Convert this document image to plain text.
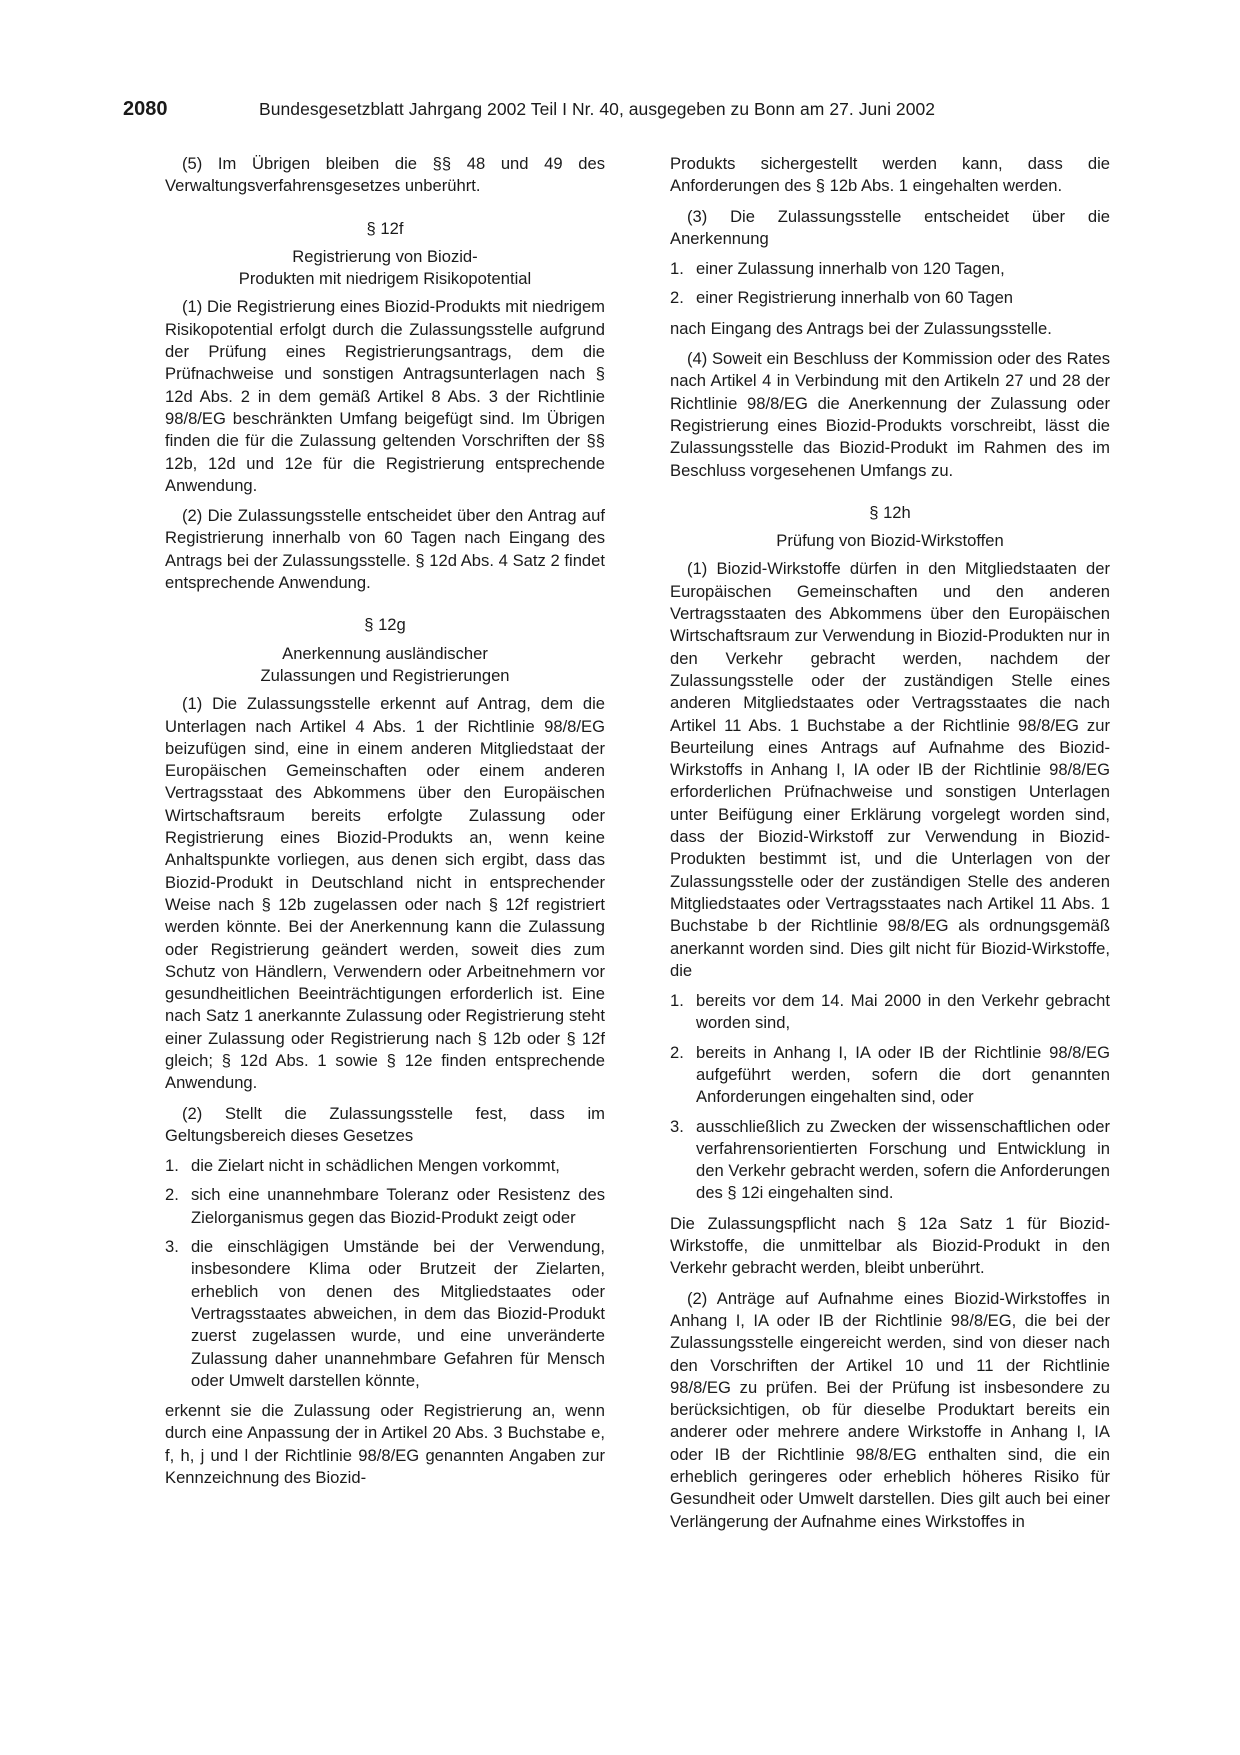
2080	Bundesgesetzblatt Jahrgang 2002 Teil I Nr. 40, ausgegeben zu Bonn am 27. Juni 2002

(5) Im Übrigen bleiben die §§ 48 und 49 des Verwaltungsverfahrensgesetzes unberührt.

§ 12f
Registrierung von Biozid-
Produkten mit niedrigem Risikopotential

(1) Die Registrierung eines Biozid-Produkts mit niedrigem Risikopotential erfolgt durch die Zulassungsstelle aufgrund der Prüfung eines Registrierungsantrags, dem die Prüfnachweise und sonstigen Antragsunterlagen nach § 12d Abs. 2 in dem gemäß Artikel 8 Abs. 3 der Richtlinie 98/8/EG beschränkten Umfang beigefügt sind. Im Übrigen finden die für die Zulassung geltenden Vorschriften der §§ 12b, 12d und 12e für die Registrierung entsprechende Anwendung.

(2) Die Zulassungsstelle entscheidet über den Antrag auf Registrierung innerhalb von 60 Tagen nach Eingang des Antrags bei der Zulassungsstelle. § 12d Abs. 4 Satz 2 findet entsprechende Anwendung.

§ 12g
Anerkennung ausländischer
Zulassungen und Registrierungen

(1) Die Zulassungsstelle erkennt auf Antrag, dem die Unterlagen nach Artikel 4 Abs. 1 der Richtlinie 98/8/EG beizufügen sind, eine in einem anderen Mitgliedstaat der Europäischen Gemeinschaften oder einem anderen Vertragsstaat des Abkommens über den Europäischen Wirtschaftsraum bereits erfolgte Zulassung oder Registrierung eines Biozid-Produkts an, wenn keine Anhaltspunkte vorliegen, aus denen sich ergibt, dass das Biozid-Produkt in Deutschland nicht in entsprechender Weise nach § 12b zugelassen oder nach § 12f registriert werden könnte. Bei der Anerkennung kann die Zulassung oder Registrierung geändert werden, soweit dies zum Schutz von Händlern, Verwendern oder Arbeitnehmern vor gesundheitlichen Beeinträchtigungen erforderlich ist. Eine nach Satz 1 anerkannte Zulassung oder Registrierung steht einer Zulassung oder Registrierung nach § 12b oder § 12f gleich; § 12d Abs. 1 sowie § 12e finden entsprechende Anwendung.

(2) Stellt die Zulassungsstelle fest, dass im Geltungsbereich dieses Gesetzes

1. die Zielart nicht in schädlichen Mengen vorkommt,
2. sich eine unannehmbare Toleranz oder Resistenz des Zielorganismus gegen das Biozid-Produkt zeigt oder
3. die einschlägigen Umstände bei der Verwendung, insbesondere Klima oder Brutzeit der Zielarten, erheblich von denen des Mitgliedstaates oder Vertragsstaates abweichen, in dem das Biozid-Produkt zuerst zugelassen wurde, und eine unveränderte Zulassung daher unannehmbare Gefahren für Mensch oder Umwelt darstellen könnte,

erkennt sie die Zulassung oder Registrierung an, wenn durch eine Anpassung der in Artikel 20 Abs. 3 Buchstabe e, f, h, j und l der Richtlinie 98/8/EG genannten Angaben zur Kennzeichnung des Biozid-

Produkts sichergestellt werden kann, dass die Anforderungen des § 12b Abs. 1 eingehalten werden.

(3) Die Zulassungsstelle entscheidet über die Anerkennung

1. einer Zulassung innerhalb von 120 Tagen,
2. einer Registrierung innerhalb von 60 Tagen

nach Eingang des Antrags bei der Zulassungsstelle.

(4) Soweit ein Beschluss der Kommission oder des Rates nach Artikel 4 in Verbindung mit den Artikeln 27 und 28 der Richtlinie 98/8/EG die Anerkennung der Zulassung oder Registrierung eines Biozid-Produkts vorschreibt, lässt die Zulassungsstelle das Biozid-Produkt im Rahmen des im Beschluss vorgesehenen Umfangs zu.

§ 12h
Prüfung von Biozid-Wirkstoffen

(1) Biozid-Wirkstoffe dürfen in den Mitgliedstaaten der Europäischen Gemeinschaften und den anderen Vertragsstaaten des Abkommens über den Europäischen Wirtschaftsraum zur Verwendung in Biozid-Produkten nur in den Verkehr gebracht werden, nachdem der Zulassungsstelle oder der zuständigen Stelle eines anderen Mitgliedstaates oder Vertragsstaates die nach Artikel 11 Abs. 1 Buchstabe a der Richtlinie 98/8/EG zur Beurteilung eines Antrags auf Aufnahme des Biozid-Wirkstoffs in Anhang I, IA oder IB der Richtlinie 98/8/EG erforderlichen Prüfnachweise und sonstigen Unterlagen unter Beifügung einer Erklärung vorgelegt worden sind, dass der Biozid-Wirkstoff zur Verwendung in Biozid-Produkten bestimmt ist, und die Unterlagen von der Zulassungsstelle oder der zuständigen Stelle des anderen Mitgliedstaates oder Vertragsstaates nach Artikel 11 Abs. 1 Buchstabe b der Richtlinie 98/8/EG als ordnungsgemäß anerkannt worden sind. Dies gilt nicht für Biozid-Wirkstoffe, die

1. bereits vor dem 14. Mai 2000 in den Verkehr gebracht worden sind,
2. bereits in Anhang I, IA oder IB der Richtlinie 98/8/EG aufgeführt werden, sofern die dort genannten Anforderungen eingehalten sind, oder
3. ausschließlich zu Zwecken der wissenschaftlichen oder verfahrensorientierten Forschung und Entwicklung in den Verkehr gebracht werden, sofern die Anforderungen des § 12i eingehalten sind.

Die Zulassungspflicht nach § 12a Satz 1 für Biozid-Wirkstoffe, die unmittelbar als Biozid-Produkt in den Verkehr gebracht werden, bleibt unberührt.

(2) Anträge auf Aufnahme eines Biozid-Wirkstoffes in Anhang I, IA oder IB der Richtlinie 98/8/EG, die bei der Zulassungsstelle eingereicht werden, sind von dieser nach den Vorschriften der Artikel 10 und 11 der Richtlinie 98/8/EG zu prüfen. Bei der Prüfung ist insbesondere zu berücksichtigen, ob für dieselbe Produktart bereits ein anderer oder mehrere andere Wirkstoffe in Anhang I, IA oder IB der Richtlinie 98/8/EG enthalten sind, die ein erheblich geringeres oder erheblich höheres Risiko für Gesundheit oder Umwelt darstellen. Dies gilt auch bei einer Verlängerung der Aufnahme eines Wirkstoffes in
